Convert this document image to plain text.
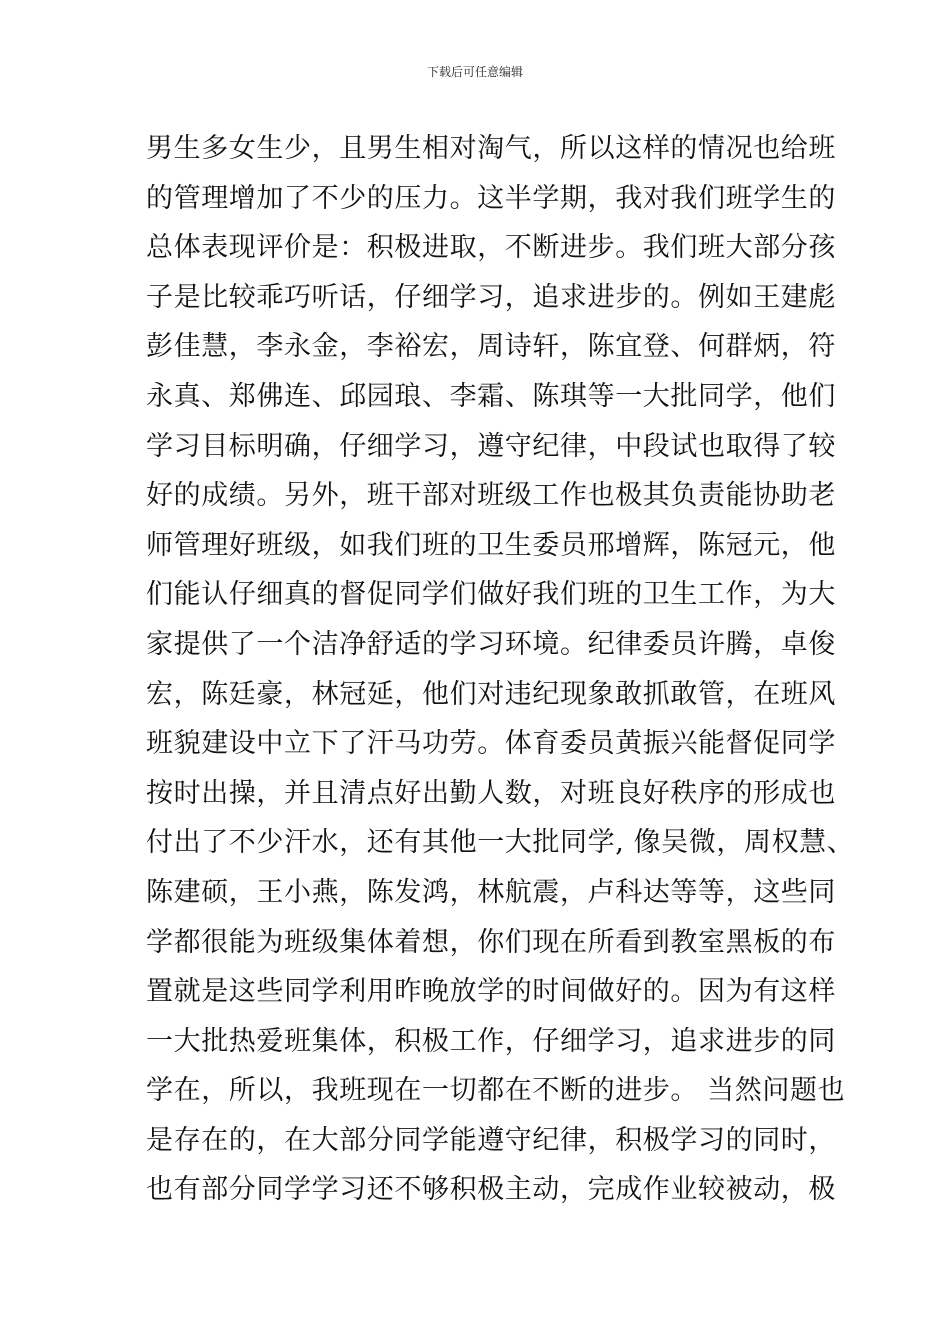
下载后可任意编辑
男生多女生少，且男生相对淘气，所以这样的情况也给班
的管理增加了不少的压力。这半学期，我对我们班学生的
总体表现评价是：积极进取，不断进步。我们班大部分孩
子是比较乖巧听话，仔细学习，追求进步的。例如王建彪
彭佳慧，李永金，李裕宏，周诗轩，陈宜登、何群炳，符
永真、郑佛连、邱园琅、李霜、陈琪等一大批同学，他们
学习目标明确，仔细学习，遵守纪律，中段试也取得了较
好的成绩。另外，班干部对班级工作也极其负责能协助老
师管理好班级，如我们班的卫生委员邢增辉，陈冠元，他
们能认仔细真的督促同学们做好我们班的卫生工作，为大
家提供了一个洁净舒适的学习环境。纪律委员许腾，卓俊
宏，陈廷豪，林冠延，他们对违纪现象敢抓敢管，在班风
班貌建设中立下了汗马功劳。体育委员黄振兴能督促同学
按时出操，并且清点好出勤人数，对班良好秩序的形成也
付出了不少汗水，还有其他一大批同学, 像吴微，周权慧、
陈建硕，王小燕，陈发鸿，林航震，卢科达等等，这些同
学都很能为班级集体着想，你们现在所看到教室黑板的布
置就是这些同学利用昨晚放学的时间做好的。因为有这样
一大批热爱班集体，积极工作，仔细学习，追求进步的同
学在，所以，我班现在一切都在不断的进步。 当然问题也
是存在的，在大部分同学能遵守纪律，积极学习的同时，
也有部分同学学习还不够积极主动，完成作业较被动，极
